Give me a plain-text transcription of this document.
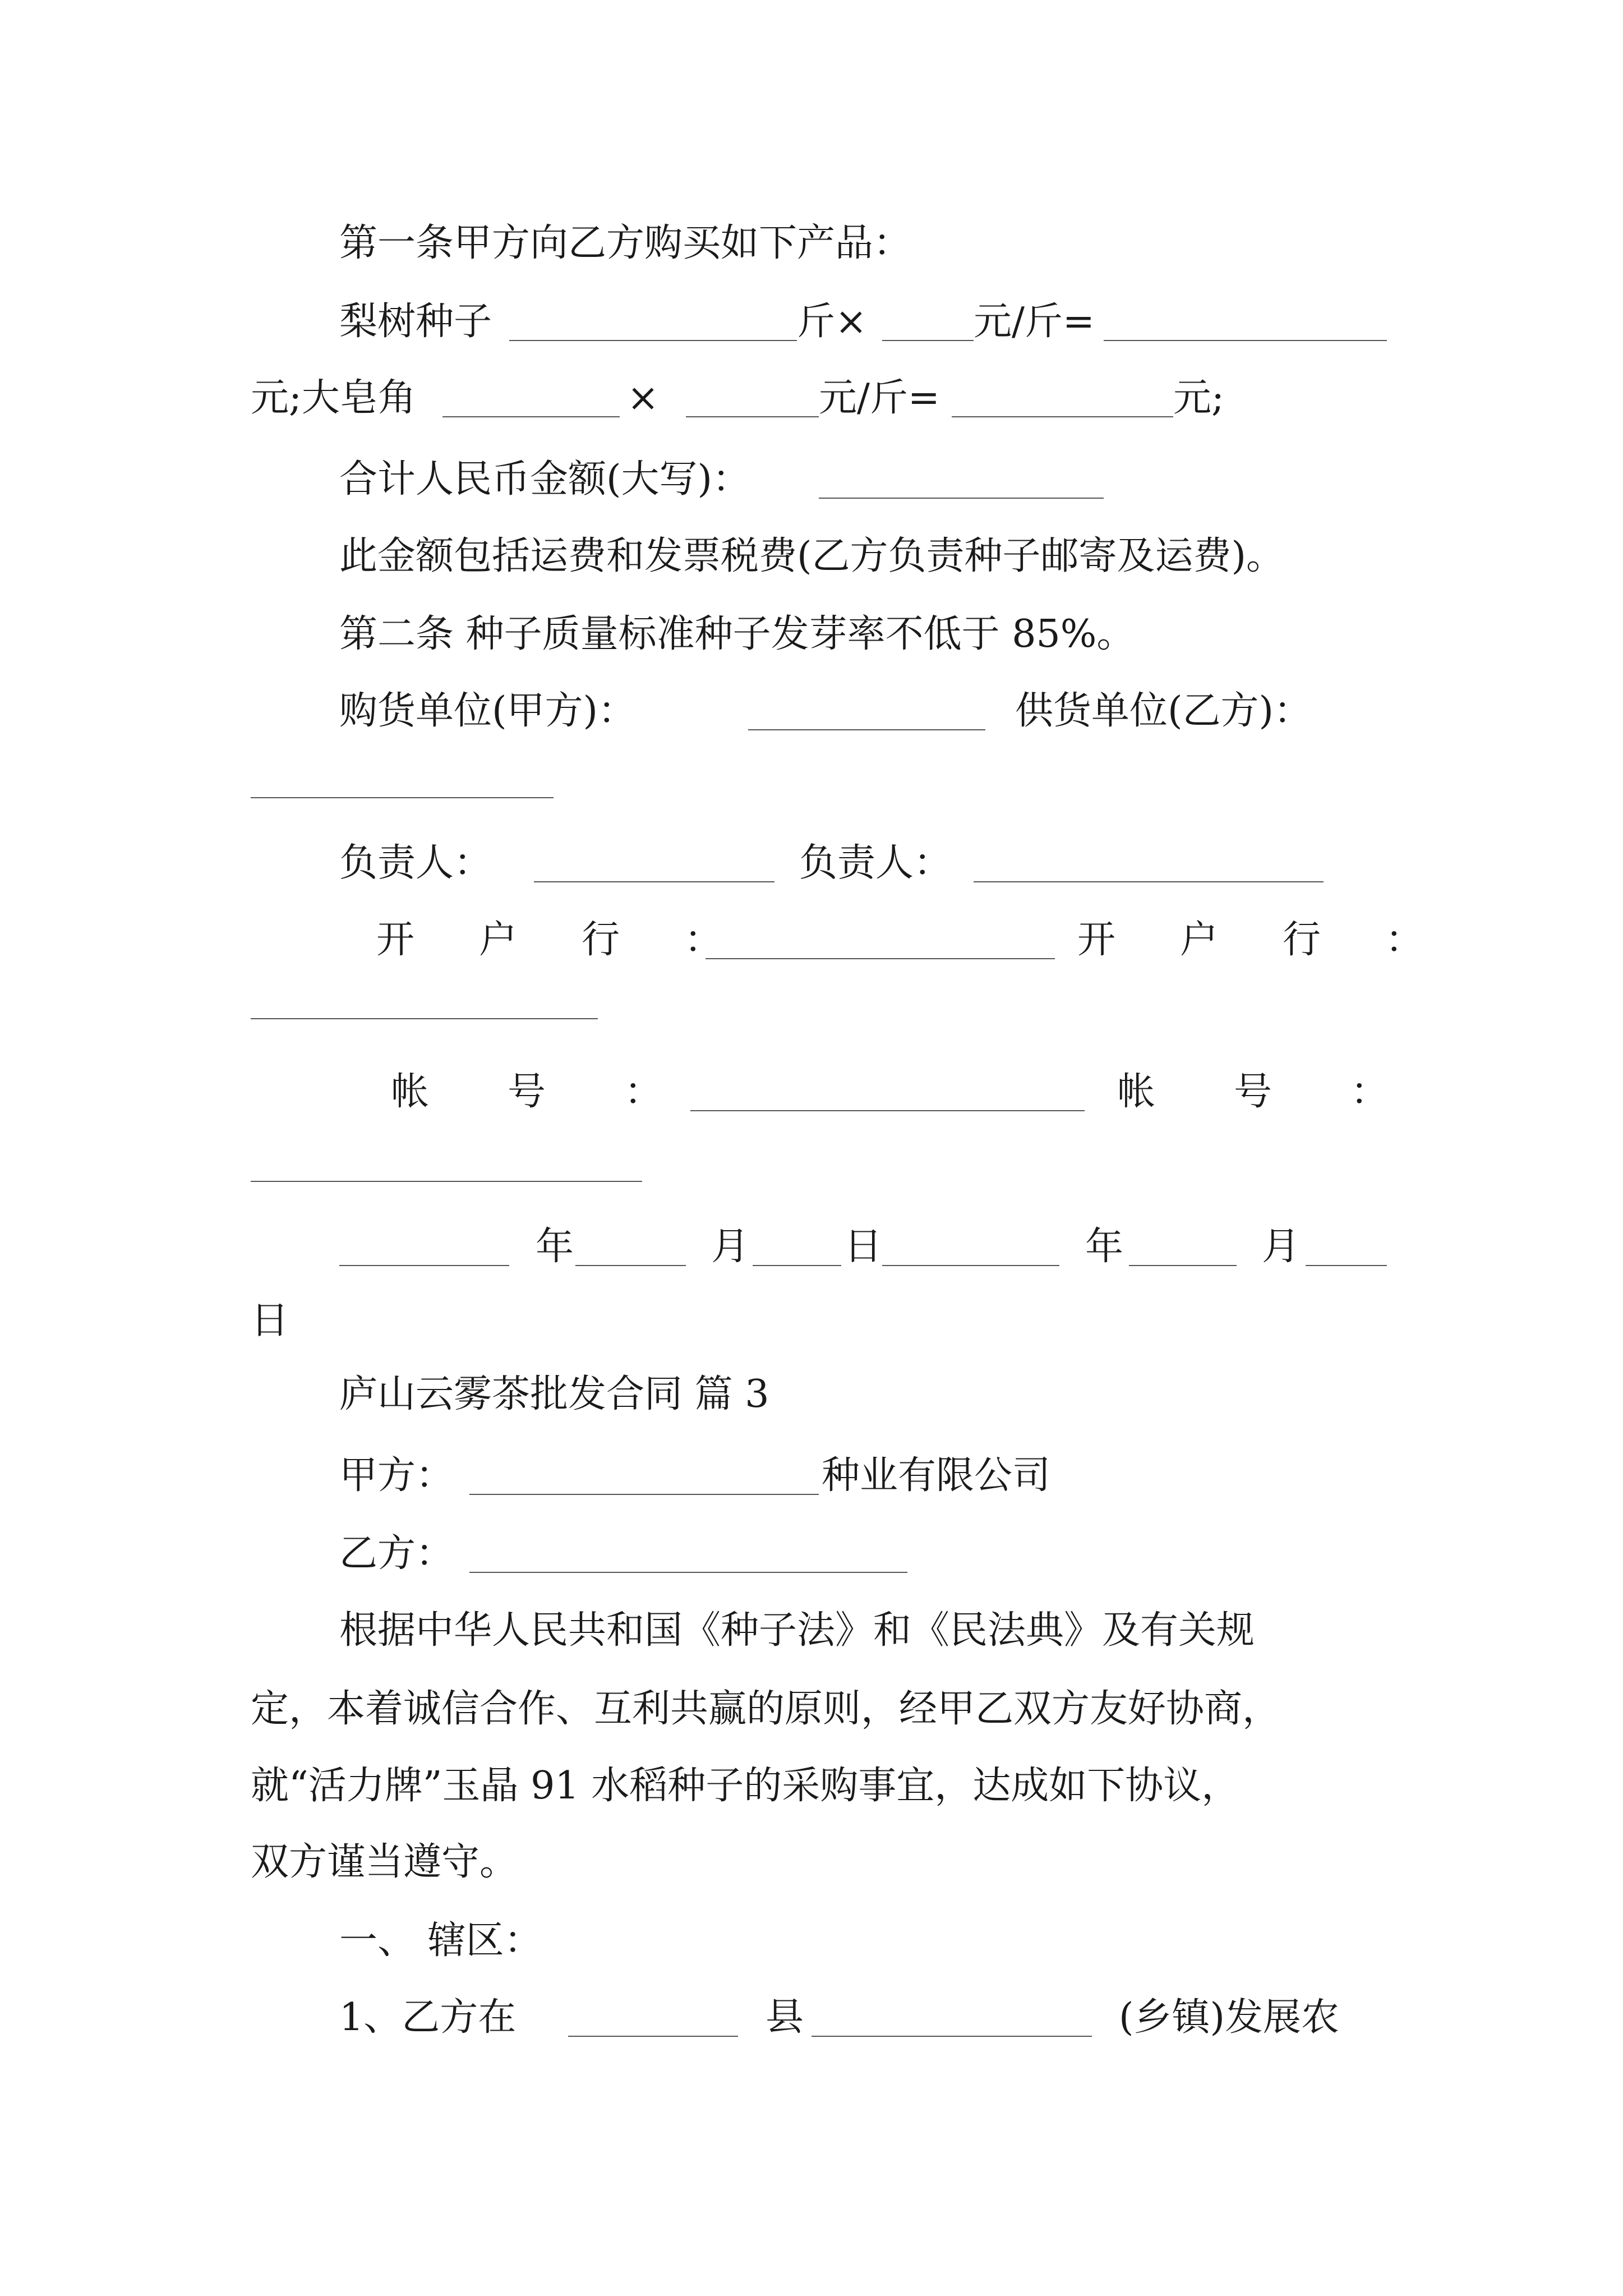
第一条甲方向乙方购买如下产品：
梨树种子	斤×	元/斤=
元;大皂角	×	元/斤=	元;
合计人民币金额(大写)：
此金额包括运费和发票税费(乙方负责种子邮寄及运费)。
第二条 种子质量标准种子发芽率不低于 85%。
购货单位(甲方)：	供货单位(乙方)：
负责人：	负责人：
开户行：	开户行：
帐号：	帐号：
年	月 日	年	月
日
庐山云雾茶批发合同 篇 3
甲方：	种业有限公司
乙方：
根据中华人民共和国《种子法》和《民法典》及有关规
定，本着诚信合作、互利共赢的原则，经甲乙双方友好协商，
就“活力牌”玉晶 91 水稻种子的采购事宜，达成如下协议，
双方谨当遵守。
一、 辖区：
1、乙方在	县	(乡镇)发展农
